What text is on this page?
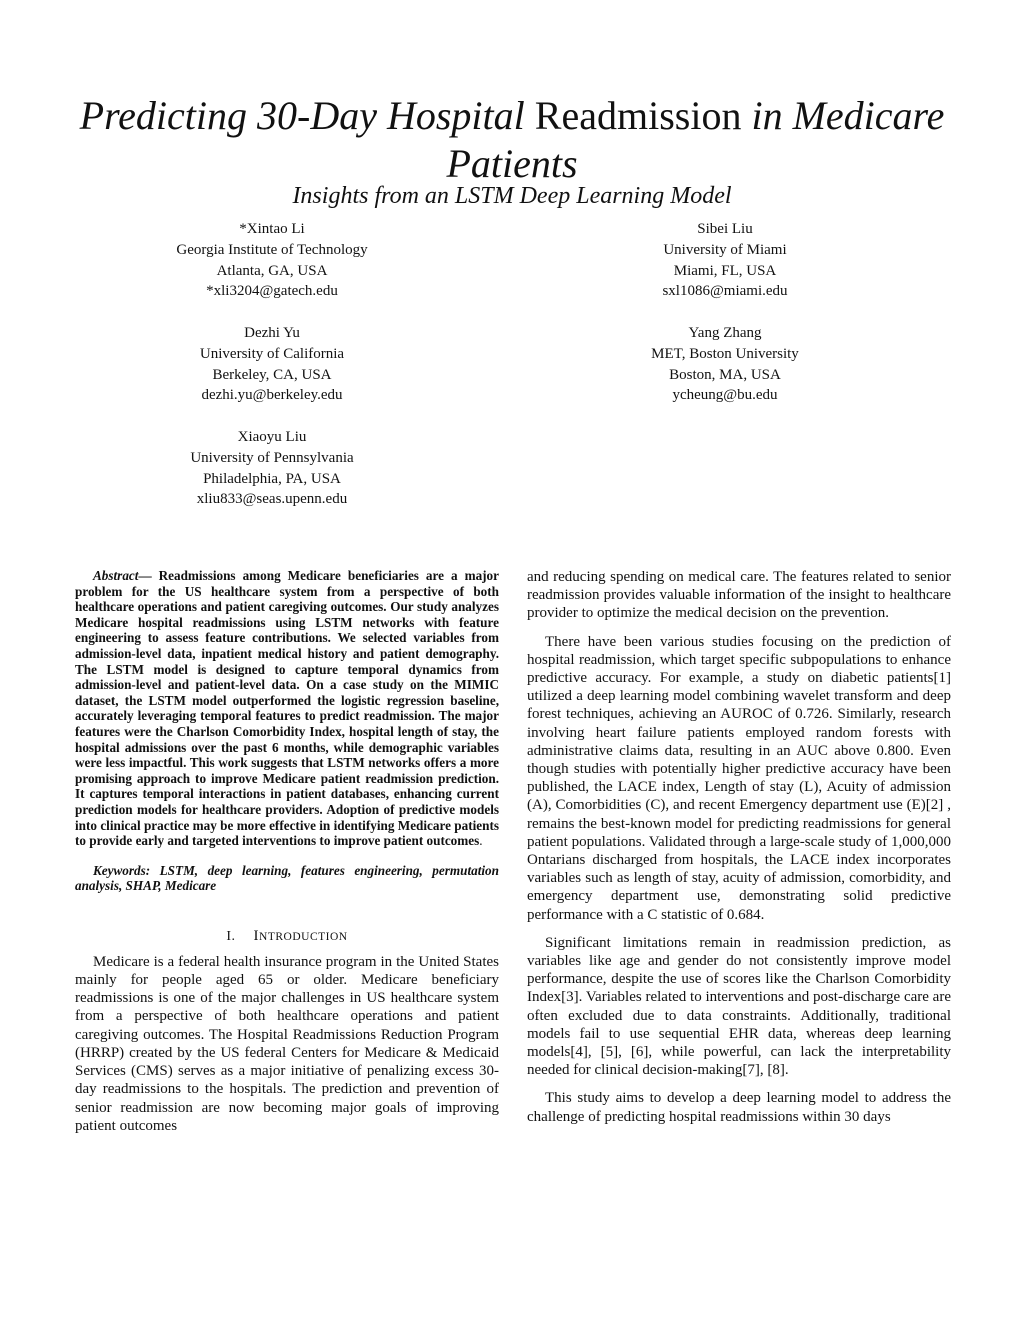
Predicting 30-Day Hospital Readmission in Medicare
Patients
Insights from an LSTM Deep Learning Model
*Xintao Li
Georgia Institute of Technology
Atlanta, GA, USA
*xli3204@gatech.edu
Sibei Liu
University of Miami
Miami, FL, USA
sxl1086@miami.edu
Dezhi Yu
University of California
Berkeley, CA, USA
dezhi.yu@berkeley.edu
Yang Zhang
MET, Boston University
Boston, MA, USA
ycheung@bu.edu
Xiaoyu Liu
University of Pennsylvania
Philadelphia, PA, USA
xliu833@seas.upenn.edu

Abstract— Readmissions among Medicare beneficiaries are a major problem for the US healthcare system from a perspective of both healthcare operations and patient caregiving outcomes. Our study analyzes Medicare hospital readmissions using LSTM networks with feature engineering to assess feature contributions. We selected variables from admission-level data, inpatient medical history and patient demography. The LSTM model is designed to capture temporal dynamics from admission-level and patient-level data. On a case study on the MIMIC dataset, the LSTM model outperformed the logistic regression baseline, accurately leveraging temporal features to predict readmission. The major features were the Charlson Comorbidity Index, hospital length of stay, the hospital admissions over the past 6 months, while demographic variables were less impactful. This work suggests that LSTM networks offers a more promising approach to improve Medicare patient readmission prediction. It captures temporal interactions in patient databases, enhancing current prediction models for healthcare providers. Adoption of predictive models into clinical practice may be more effective in identifying Medicare patients to provide early and targeted interventions to improve patient outcomes.

Keywords: LSTM, deep learning, features engineering, permutation analysis, SHAP, Medicare

I. INTRODUCTION

Medicare is a federal health insurance program in the United States mainly for people aged 65 or older. Medicare beneficiary readmissions is one of the major challenges in US healthcare system from a perspective of both healthcare operations and patient caregiving outcomes. The Hospital Readmissions Reduction Program (HRRP) created by the US federal Centers for Medicare & Medicaid Services (CMS) serves as a major initiative of penalizing excess 30-day readmissions to the hospitals. The prediction and prevention of senior readmission are now becoming major goals of improving patient outcomes

and reducing spending on medical care. The features related to senior readmission provides valuable information of the insight to healthcare provider to optimize the medical decision on the prevention.

There have been various studies focusing on the prediction of hospital readmission, which target specific subpopulations to enhance predictive accuracy. For example, a study on diabetic patients[1] utilized a deep learning model combining wavelet transform and deep forest techniques, achieving an AUROC of 0.726. Similarly, research involving heart failure patients employed random forests with administrative claims data, resulting in an AUC above 0.800. Even though studies with potentially higher predictive accuracy have been published, the LACE index, Length of stay (L), Acuity of admission (A), Comorbidities (C), and recent Emergency department use (E)[2] , remains the best-known model for predicting readmissions for general patient populations. Validated through a large-scale study of 1,000,000 Ontarians discharged from hospitals, the LACE index incorporates variables such as length of stay, acuity of admission, comorbidity, and emergency department use, demonstrating solid predictive performance with a C statistic of 0.684.

Significant limitations remain in readmission prediction, as variables like age and gender do not consistently improve model performance, despite the use of scores like the Charlson Comorbidity Index[3]. Variables related to interventions and post-discharge care are often excluded due to data constraints. Additionally, traditional models fail to use sequential EHR data, whereas deep learning models[4], [5], [6], while powerful, can lack the interpretability needed for clinical decision-making[7], [8].

This study aims to develop a deep learning model to address the challenge of predicting hospital readmissions within 30 days
